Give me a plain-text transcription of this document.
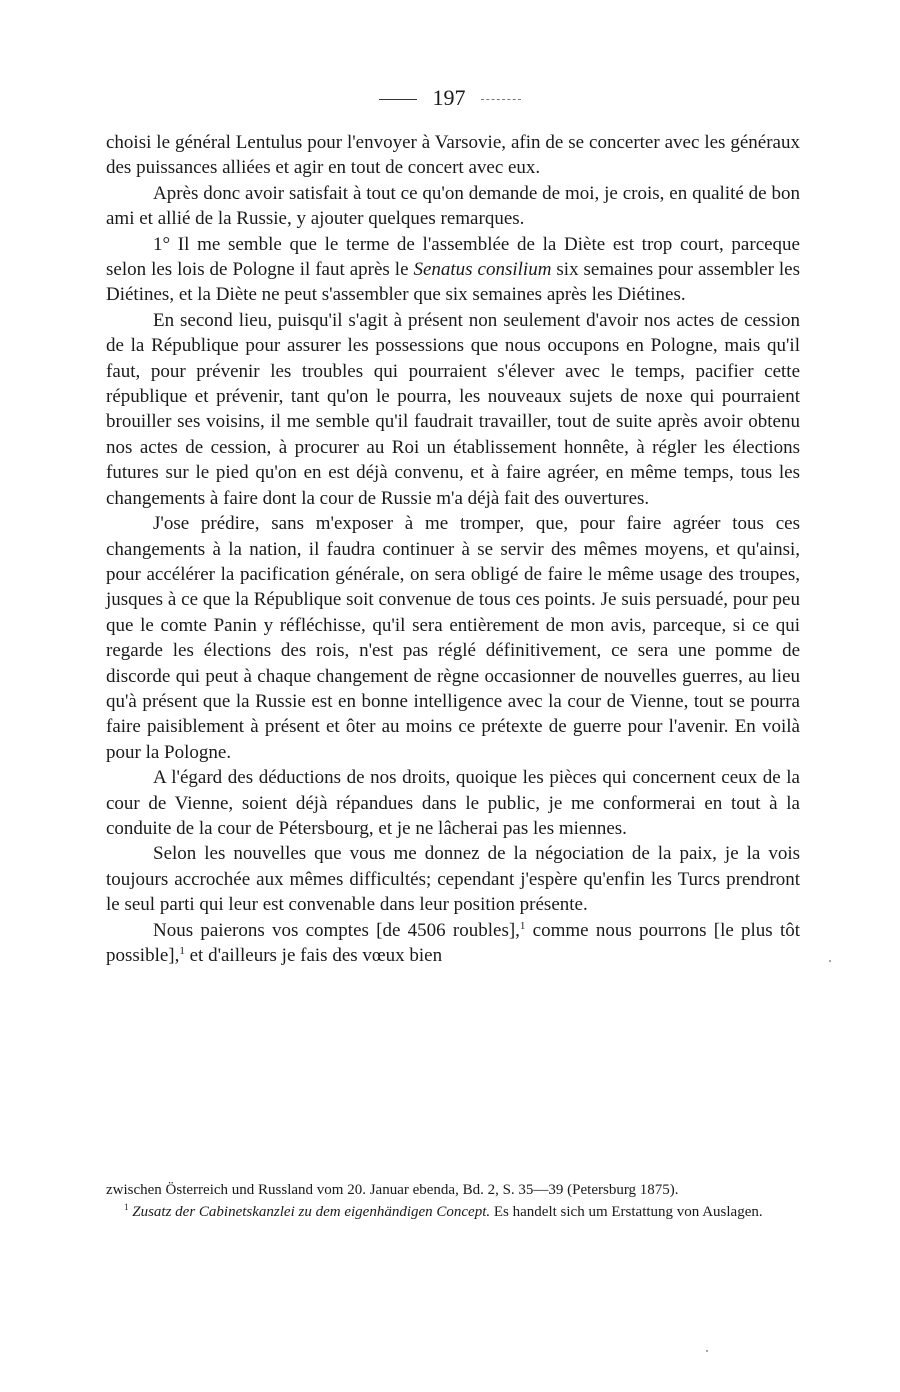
197

choisi le général Lentulus pour l'envoyer à Varsovie, afin de se concerter avec les généraux des puissances alliées et agir en tout de concert avec eux.

Après donc avoir satisfait à tout ce qu'on demande de moi, je crois, en qualité de bon ami et allié de la Russie, y ajouter quelques remarques.

1° Il me semble que le terme de l'assemblée de la Diète est trop court, parceque selon les lois de Pologne il faut après le Senatus consilium six semaines pour assembler les Diétines, et la Diète ne peut s'assembler que six semaines après les Diétines.

En second lieu, puisqu'il s'agit à présent non seulement d'avoir nos actes de cession de la République pour assurer les possessions que nous occupons en Pologne, mais qu'il faut, pour prévenir les troubles qui pourraient s'élever avec le temps, pacifier cette république et prévenir, tant qu'on le pourra, les nouveaux sujets de noxe qui pourraient brouiller ses voisins, il me semble qu'il faudrait travailler, tout de suite après avoir obtenu nos actes de cession, à procurer au Roi un établissement honnête, à régler les élections futures sur le pied qu'on en est déjà convenu, et à faire agréer, en même temps, tous les changements à faire dont la cour de Russie m'a déjà fait des ouvertures.

J'ose prédire, sans m'exposer à me tromper, que, pour faire agréer tous ces changements à la nation, il faudra continuer à se servir des mêmes moyens, et qu'ainsi, pour accélérer la pacification générale, on sera obligé de faire le même usage des troupes, jusques à ce que la République soit convenue de tous ces points. Je suis persuadé, pour peu que le comte Panin y réfléchisse, qu'il sera entièrement de mon avis, parceque, si ce qui regarde les élections des rois, n'est pas réglé définitivement, ce sera une pomme de discorde qui peut à chaque changement de règne occasionner de nouvelles guerres, au lieu qu'à présent que la Russie est en bonne intelligence avec la cour de Vienne, tout se pourra faire paisiblement à présent et ôter au moins ce prétexte de guerre pour l'avenir. En voilà pour la Pologne.

A l'égard des déductions de nos droits, quoique les pièces qui concernent ceux de la cour de Vienne, soient déjà répandues dans le public, je me conformerai en tout à la conduite de la cour de Pétersbourg, et je ne lâcherai pas les miennes.

Selon les nouvelles que vous me donnez de la négociation de la paix, je la vois toujours accrochée aux mêmes difficultés; cependant j'espère qu'enfin les Turcs prendront le seul parti qui leur est convenable dans leur position présente.

Nous paierons vos comptes [de 4506 roubles],$^1$ comme nous pourrons [le plus tôt possible],$^1$ et d'ailleurs je fais des vœux bien

zwischen Österreich und Russland vom 20. Januar ebenda, Bd. 2, S. 35—39 (Petersburg 1875).

$^1$ Zusatz der Cabinetskanzlei zu dem eigenhändigen Concept. Es handelt sich um Erstattung von Auslagen.
